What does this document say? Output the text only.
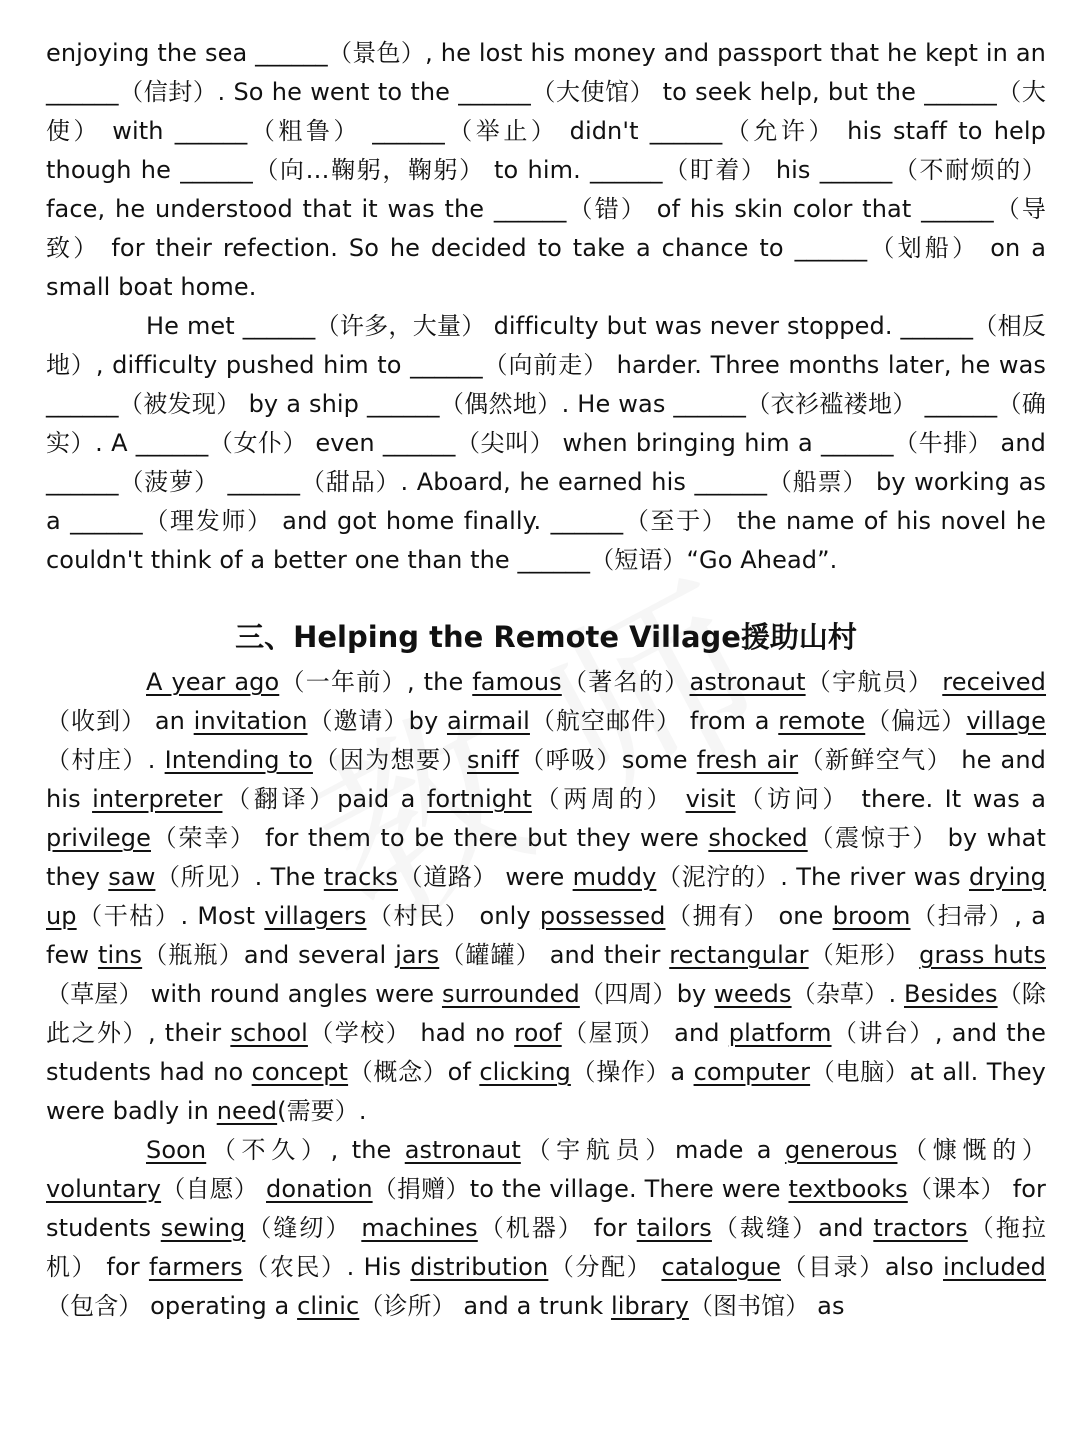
enjoying the sea ______（景色）, he lost his money and passport that he kept in an ______（信封）. So he went to the ______（大使馆） to seek help, but the ______（大使） with ______（粗鲁） ______（举止） didn't ______（允许） his staff to help though he ______（向…鞠躬，鞠躬） to him. ______（盯着） his ______（不耐烦的） face, he understood that it was the ______（错） of his skin color that ______（导致） for their refection. So he decided to take a chance to ______（划船） on a small boat home.

He met ______（许多，大量） difficulty but was never stopped. ______（相反地）, difficulty pushed him to ______（向前走） harder. Three months later, he was ______（被发现） by a ship ______（偶然地）. He was ______（衣衫褴褛地） ______（确实）. A ______（女仆） even ______（尖叫） when bringing him a ______（牛排） and ______（菠萝） ______（甜品）. Aboard, he earned his ______（船票） by working as a ______（理发师） and got home finally. ______（至于） the name of his novel he couldn't think of a better one than the ______（短语）“Go Ahead”.

三、Helping the Remote Village援助山村

A year ago（一年前）, the famous（著名的）astronaut（宇航员） received（收到） an invitation（邀请）by airmail（航空邮件） from a remote（偏远）village（村庄）. Intending to（因为想要）sniff（呼吸）some fresh air（新鲜空气） he and his interpreter（翻译）paid a fortnight（两周的） visit（访问） there. It was a privilege（荣幸） for them to be there but they were shocked（震惊于） by what they saw（所见）. The tracks（道路） were muddy（泥泞的）. The river was drying up（干枯）. Most villagers（村民） only possessed（拥有） one broom（扫帚）, a few tins（瓶瓶）and several jars（罐罐） and their rectangular（矩形） grass huts（草屋） with round angles were surrounded（四周）by weeds（杂草）. Besides（除此之外）, their school（学校） had no roof（屋顶） and platform（讲台）, and the students had no concept（概念）of clicking（操作）a computer（电脑）at all. They were badly in need(需要）.

Soon（不久）, the astronaut（宇航员）made a generous（慷慨的） voluntary（自愿） donation（捐赠）to the village. There were textbooks（课本） for students sewing（缝纫） machines（机器） for tailors（裁缝）and tractors（拖拉机） for farmers（农民）. His distribution（分配） catalogue（目录）also included（包含） operating a clinic（诊所） and a trunk library（图书馆） as
